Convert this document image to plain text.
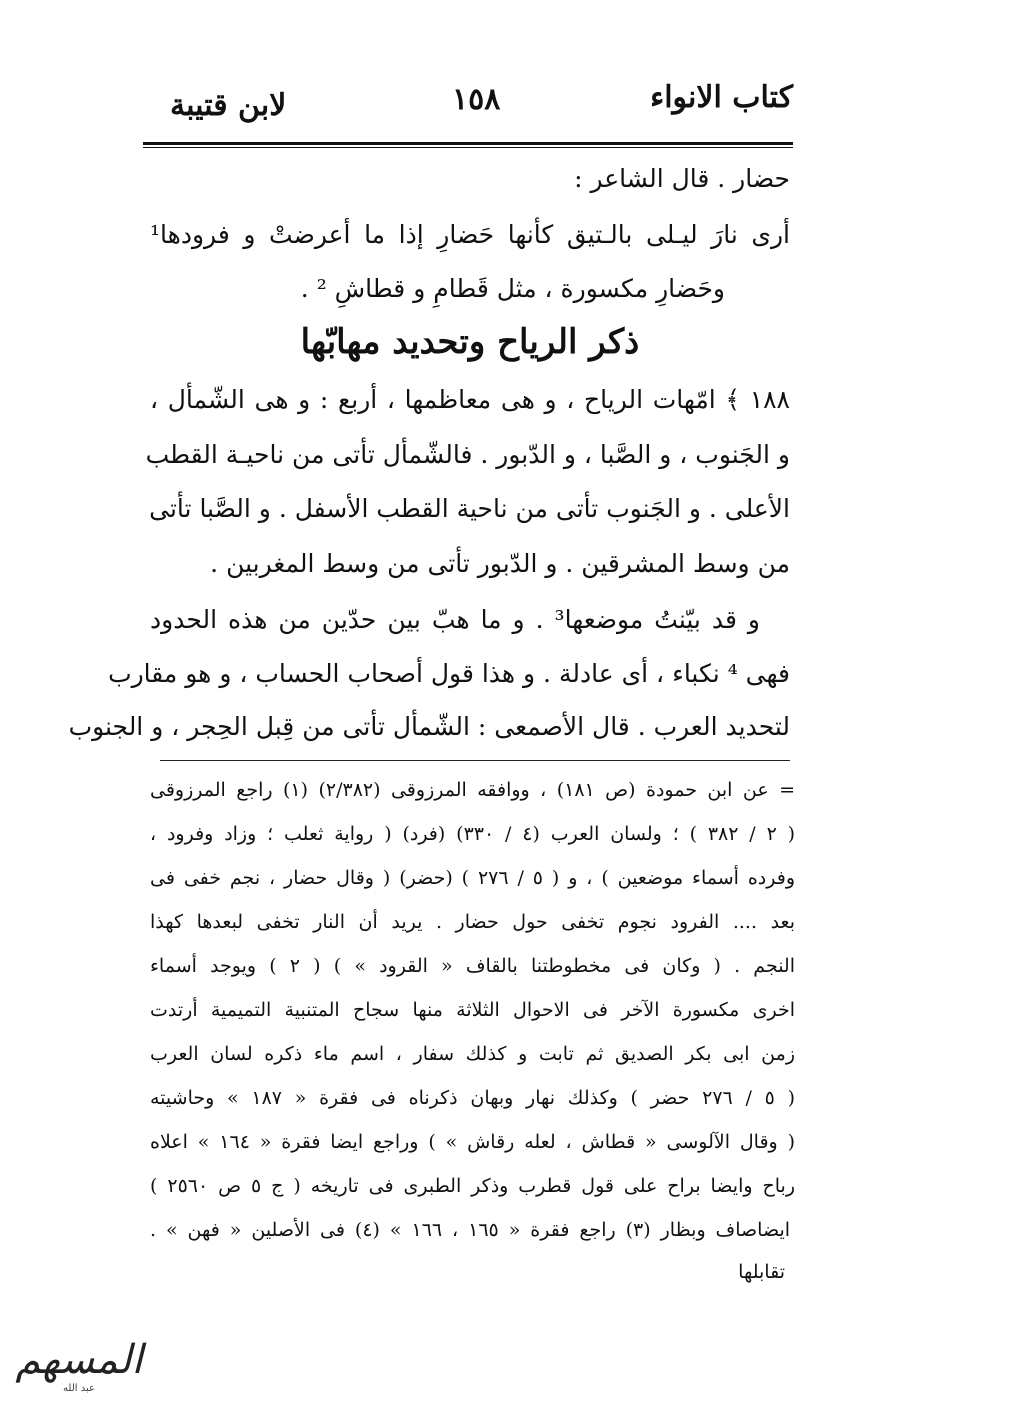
كتاب الانواء
١٥٨
لابن قتيبة
حضار . قال الشاعر :
أرى نارَ ليـلى بالـتيق كأنها حَضارِ إذا ما أعرضتْ و فرودها¹
وحَضارِ مكسورة ، مثل قَطامِ و قطاشِ ² .
ذكر الرياح وتحديد مهابّها
١٨٨ ﴾ امّهات الرياح ، و هى معاظمها ، أربع : و هى الشّمأل ،
و الجَنوب ، و الصَّبا ، و الدّبور . فالشّمأل تأتى من ناحيـة القطب
الأعلى . و الجَنوب تأتى من ناحية القطب الأسفل . و الصَّبا تأتى
من وسط المشرقين . و الدّبور تأتى من وسط المغربين .
و قد بيّنتُ موضعها³ . و ما هبّ بين حدّين من هذه الحدود
فهى ⁴ نكباء ، أى عادلة . و هذا قول أصحاب الحساب ، و هو مقارب
لتحديد العرب . قال الأصمعى : الشّمأل تأتى من قِبل الحِجر ، و الجنوب
= عن ابن حمودة (ص ١٨١) ، ووافقه المرزوقى (٢/٣٨٢) (١) راجع المرزوقى
( ٢ / ٣٨٢ ) ؛ ولسان العرب (٤ / ٣٣٠) (فرد) ( رواية ثعلب ؛ وزاد وفرود ،
وفرده أسماء موضعين ) ، و ( ٥ / ٢٧٦ ) (حضر) ( وقال حضار ، نجم خفى فى
بعد .... الفرود نجوم تخفى حول حضار . يريد أن النار تخفى لبعدها كهذا
النجم . ( وكان فى مخطوطتنا بالقاف « القرود » ) ( ٢ ) ويوجد أسماء
اخرى مكسورة الآخر فى الاحوال الثلاثة منها سجاح المتنبية التميمية أرتدت
زمن ابى بكر الصديق ثم تابت و كذلك سفار ، اسم ماء ذكره لسان العرب
( ٥ / ٢٧٦ حضر ) وكذلك نهار وبهان ذكرناه فى فقرة « ١٨٧ » وحاشيته
( وقال الآلوسى « قطاش ، لعله رقاش » ) وراجع ايضا فقرة « ١٦٤ » اعلاه
رباح وايضا براح على قول قطرب وذكر الطبرى فى تاريخه ( ج ٥ ص ٢٥٦٠ )
ايضاصاف وبظار (٣) راجع فقرة « ١٦٥ ، ١٦٦ » (٤) فى الأصلين « فهن » .
تقابلها
المسهم
عبد الله
